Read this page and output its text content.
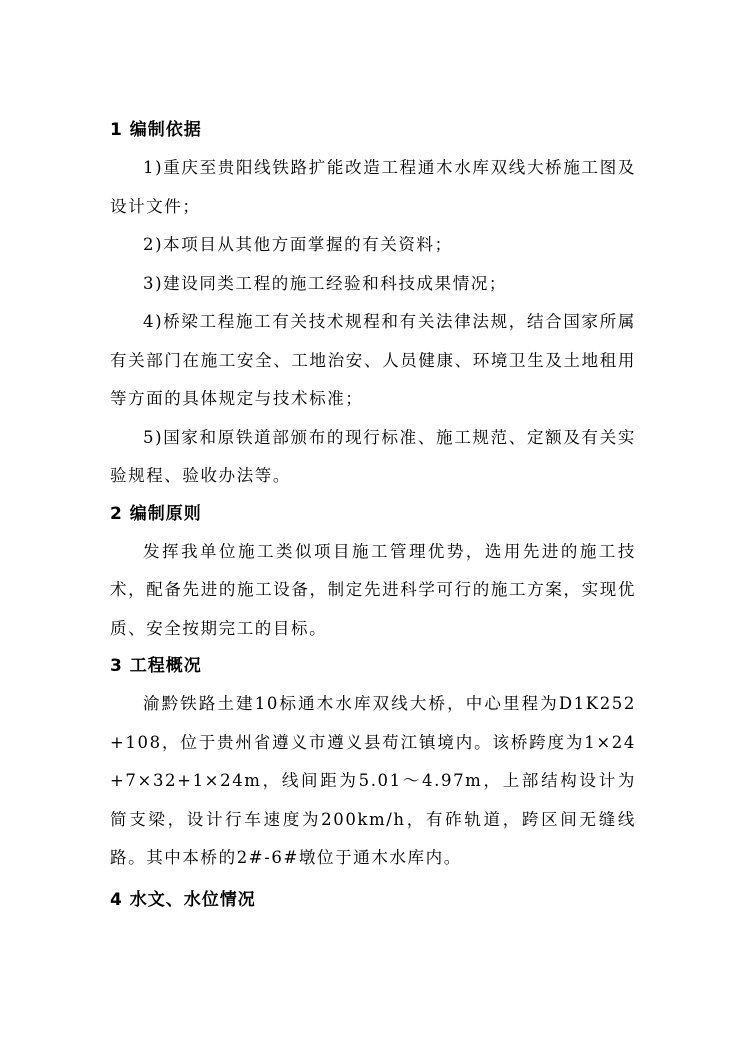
1 编制依据

1)重庆至贵阳线铁路扩能改造工程通木水库双线大桥施工图及设计文件；

2)本项目从其他方面掌握的有关资料；

3)建设同类工程的施工经验和科技成果情况；

4)桥梁工程施工有关技术规程和有关法律法规，结合国家所属有关部门在施工安全、工地治安、人员健康、环境卫生及土地租用等方面的具体规定与技术标准；

5)国家和原铁道部颁布的现行标准、施工规范、定额及有关实验规程、验收办法等。

2 编制原则

发挥我单位施工类似项目施工管理优势，选用先进的施工技术，配备先进的施工设备，制定先进科学可行的施工方案，实现优质、安全按期完工的目标。

3 工程概况

渝黔铁路土建10标通木水库双线大桥，中心里程为D1K252+108，位于贵州省遵义市遵义县苟江镇境内。该桥跨度为1×24+7×32+1×24m，线间距为5.01～4.97m，上部结构设计为简支梁，设计行车速度为200km/h，有砟轨道，跨区间无缝线路。其中本桥的2#-6#墩位于通木水库内。

4 水文、水位情况
